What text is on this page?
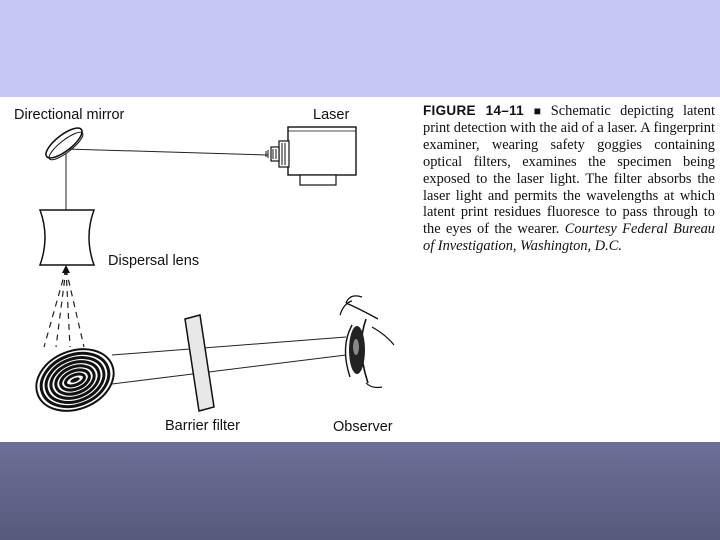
Directional mirror	Laser
Dispersal lens
Barrier filter	Observer
FIGURE 14–11 ■ Schematic depicting latent print detection with the aid of a laser. A fingerprint examiner, wearing safety goggies containing optical filters, examines the specimen being exposed to the laser light. The filter absorbs the laser light and permits the wavelengths at which latent print residues fluoresce to pass through to the eyes of the wearer. Courtesy Federal Bureau of Investigation, Washington, D.C.
